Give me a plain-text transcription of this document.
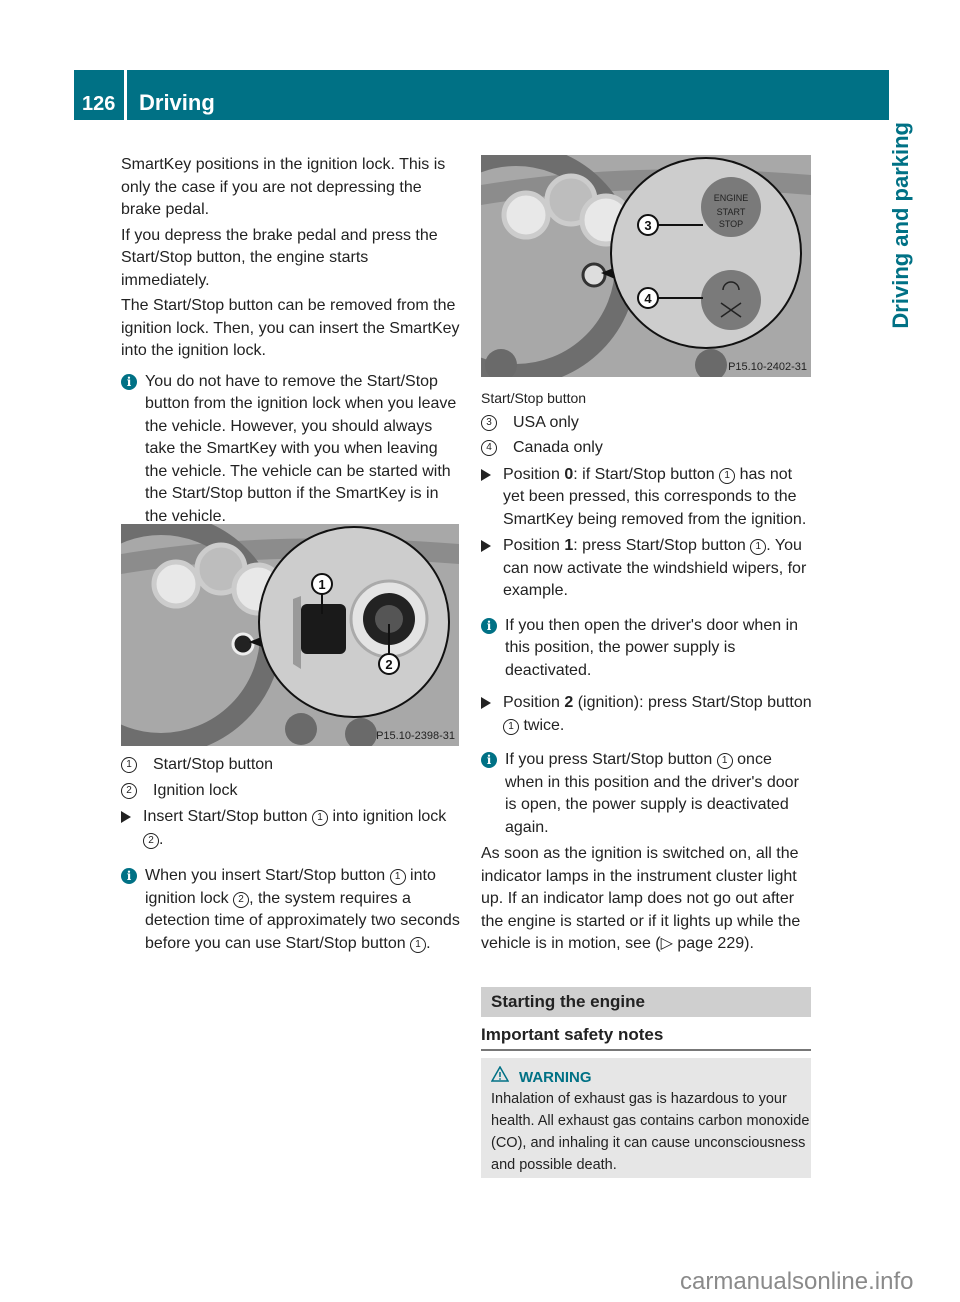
126 Driving
Driving and parking

SmartKey positions in the ignition lock. This is only the case if you are not depressing the brake pedal.

If you depress the brake pedal and press the Start/Stop button, the engine starts immediately.

The Start/Stop button can be removed from the ignition lock. Then, you can insert the SmartKey into the ignition lock.

i You do not have to remove the Start/Stop button from the ignition lock when you leave the vehicle. However, you should always take the SmartKey with you when leaving the vehicle. The vehicle can be started with the Start/Stop button if the SmartKey is in the vehicle.

1
2
P15.10-2398-31

1	Start/Stop button

2	Ignition lock

Insert Start/Stop button 1 into ignition lock 2 .

i When you insert Start/Stop button 1 into ignition lock 2 , the system requires a detection time of approximately two seconds before you can use Start/Stop button 1 .

ENGINE
START
STOP
3
4
P15.10-2402-31

Start/Stop button

3	USA only

4	Canada only

Position 0: if Start/Stop button 1 has not yet been pressed, this corresponds to the SmartKey being removed from the ignition.

Position 1: press Start/Stop button 1 . You can now activate the windshield wipers, for example.

i If you then open the driver's door when in this position, the power supply is deactivated.

Position 2 (ignition): press Start/Stop button 1 twice.

i If you press Start/Stop button 1 once when in this position and the driver's door is open, the power supply is deactivated again.

As soon as the ignition is switched on, all the indicator lamps in the instrument cluster light up. If an indicator lamp does not go out after the engine is started or if it lights up while the vehicle is in motion, see (▷ page 229).

Starting the engine
Important safety notes
WARNING
Inhalation of exhaust gas is hazardous to your health. All exhaust gas contains carbon monoxide (CO), and inhaling it can cause unconsciousness and possible death.
carmanualsonline.info
